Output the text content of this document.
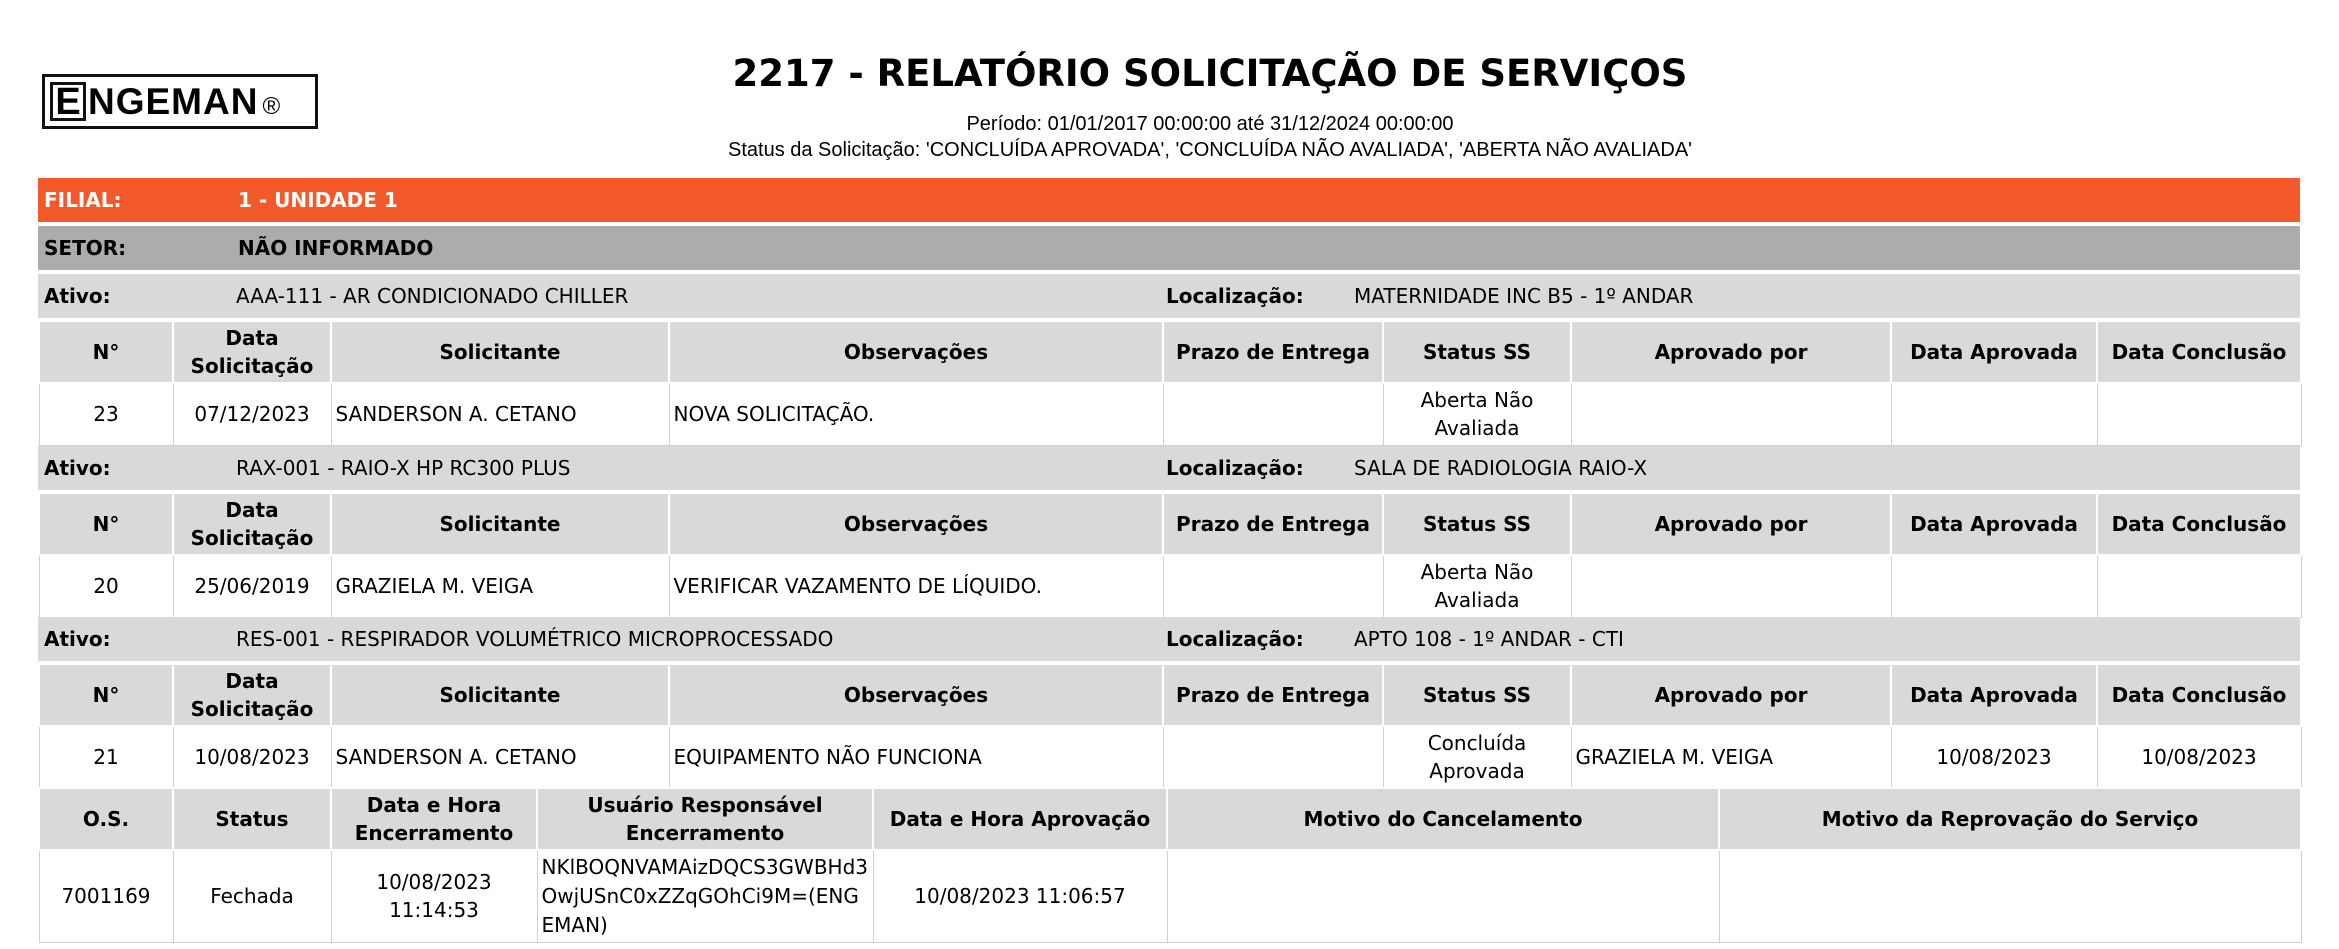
E NGEMAN ®
2217 - RELATÓRIO SOLICITAÇÃO DE SERVIÇOS
Período: 01/01/2017 00:00:00 até 31/12/2024 00:00:00
Status da Solicitação: 'CONCLUÍDA APROVADA', 'CONCLUÍDA NÃO AVALIADA', 'ABERTA NÃO AVALIADA'
FILIAL:	1 - UNIDADE 1
SETOR:	NÃO INFORMADO
Ativo:	AAA-111 - AR CONDICIONADO CHILLER	Localização:	MATERNIDADE INC B5 - 1º ANDAR
N°	Data Solicitação	Solicitante	Observações	Prazo de Entrega	Status SS	Aprovado por	Data Aprovada	Data Conclusão
23	07/12/2023	SANDERSON A. CETANO	NOVA SOLICITAÇÃO.		Aberta Não Avaliada			
Ativo:	RAX-001 - RAIO-X HP RC300 PLUS	Localização:	SALA DE RADIOLOGIA RAIO-X
N°	Data Solicitação	Solicitante	Observações	Prazo de Entrega	Status SS	Aprovado por	Data Aprovada	Data Conclusão
20	25/06/2019	GRAZIELA M. VEIGA	VERIFICAR VAZAMENTO DE LÍQUIDO.		Aberta Não Avaliada			
Ativo:	RES-001 - RESPIRADOR VOLUMÉTRICO MICROPROCESSADO	Localização:	APTO 108 - 1º ANDAR - CTI
N°	Data Solicitação	Solicitante	Observações	Prazo de Entrega	Status SS	Aprovado por	Data Aprovada	Data Conclusão
21	10/08/2023	SANDERSON A. CETANO	EQUIPAMENTO NÃO FUNCIONA		Concluída Aprovada	GRAZIELA M. VEIGA	10/08/2023	10/08/2023
O.S.	Status	Data e Hora Encerramento	Usuário Responsável Encerramento	Data e Hora Aprovação	Motivo do Cancelamento	Motivo da Reprovação do Serviço
7001169	Fechada	10/08/2023 11:14:53	NKlBOQNVAMAizDQCS3GWBHd3OwjUSnC0xZZqGOhCi9M=(ENGEMAN)	10/08/2023 11:06:57		
